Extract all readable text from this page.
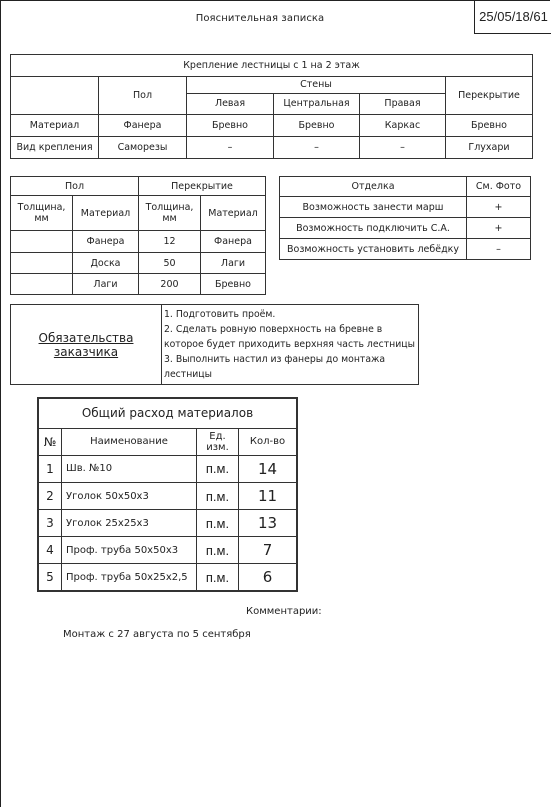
Пояснительная записка	25/05/18/61
Крепление лестницы с 1 на 2 этаж					
	Пол	Стены			Перекрытие
		Левая	Центральная	Правая	
Материал	Фанера	Бревно	Бревно	Каркас	Бревно
Вид крепления	Саморезы	–	–	–	Глухари
Пол		Перекрытие	
Толщина, мм	Материал	Толщина, мм	Материал
	Фанера	12	Фанера
	Доска	50	Лаги
	Лаги	200	Бревно
Отделка	См. Фото
Возможность занести марш	+
Возможность подключить С.А.	+
Возможность установить лебёдку	–
Обязательства заказчика	
1. Подготовить проём.
2. Сделать ровную поверхность на бревне в которое будет приходить верхняя часть лестницы
3. Выполнить настил из фанеры до монтажа лестницы
Общий расход материалов			
№	Наименование	Ед. изм.	Кол-во
1	Шв. №10	п.м.	14
2	Уголок 50х50х3	п.м.	11
3	Уголок 25х25х3	п.м.	13
4	Проф. труба 50х50х3	п.м.	7
5	Проф. труба 50х25х2,5	п.м.	6
Комментарии:
Монтаж с 27 августа по 5 сентября
